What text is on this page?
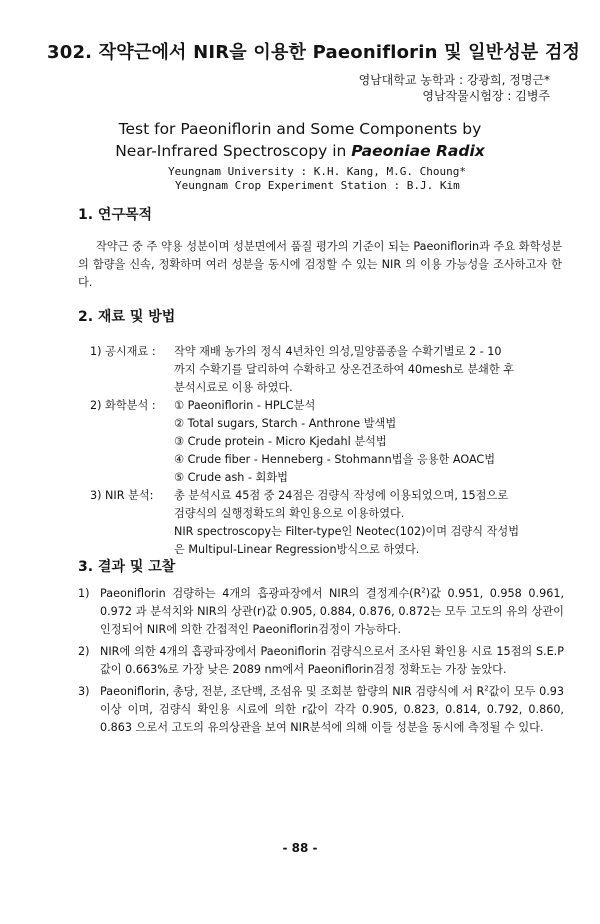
302. 작약근에서 NIR을 이용한 Paeoniflorin 및 일반성분 검정
영남대학교 농학과 : 강광희, 정명근*
영남작물시험장 : 김병주
Test for Paeoniflorin and Some Components by
Near-Infrared Spectroscopy in Paeoniae Radix
Yeungnam University : K.H. Kang, M.G. Choung*
Yeungnam Crop Experiment Station : B.J. Kim
1. 연구목적
작약근 중 주 약용 성분이며 성분면에서 품질 평가의 기준이 되는 Paeoniflorin과 주요 화학성분의 함량을 신속, 정확하며 여러 성분을 동시에 검정할 수 있는 NIR 의 이용 가능성을 조사하고자 한다.
2. 재료 및 방법
1) 공시재료 : 작약 재배 농가의 정식 4년차인 의성,밀양품종을 수확기별로 2 - 10
까지 수확기를 달리하여 수확하고 상온건조하여 40mesh로 분쇄한 후
분석시료로 이용 하였다.
2) 화학분석 : ① Paeoniflorin - HPLC분석
② Total sugars, Starch - Anthrone 발색법
③ Crude protein - Micro Kjedahl 분석법
④ Crude fiber - Henneberg - Stohmann법을 응용한 AOAC법
⑤ Crude ash - 회화법
3) NIR 분석: 총 분석시료 45점 중 24점은 검량식 작성에 이용되었으며, 15점으로
검량식의 실행정확도의 확인용으로 이용하였다.
NIR spectroscopy는 Filter-type인 Neotec(102)이며 검량식 작성법
은 Multipul-Linear Regression방식으로 하였다.
3. 결과 및 고찰
1) Paeoniflorin 검량하는 4개의 흡광파장에서 NIR의 결정계수$(R^2)$값 0.951, 0.958 0.961, 0.972 과 분석치와 NIR의 상관(r)값 0.905, 0.884, 0.876, 0.872는 모두 고도의 유의 상관이 인정되어 NIR에 의한 간접적인 Paeoniflorin검정이 가능하다.
2) NIR에 의한 4개의 흡광파장에서 Paeoniflorin 검량식으로서 조사된 확인용 시료 15점의 S.E.P값이 0.663%로 가장 낮은 2089 nm에서 Paeoniflorin검정 정확도는 가장 높았다.
3) Paeoniflorin, 총당, 전분, 조단백, 조섬유 및 조회분 함량의 NIR 검량식에 서 $R^2$값이 모두 0.93 이상 이며, 검량식 확인용 시료에 의한 r값이 각각 0.905, 0.823, 0.814, 0.792, 0.860, 0.863 으로서 고도의 유의상관을 보여 NIR분석에 의해 이들 성분을 동시에 측정될 수 있다.
- 88 -
